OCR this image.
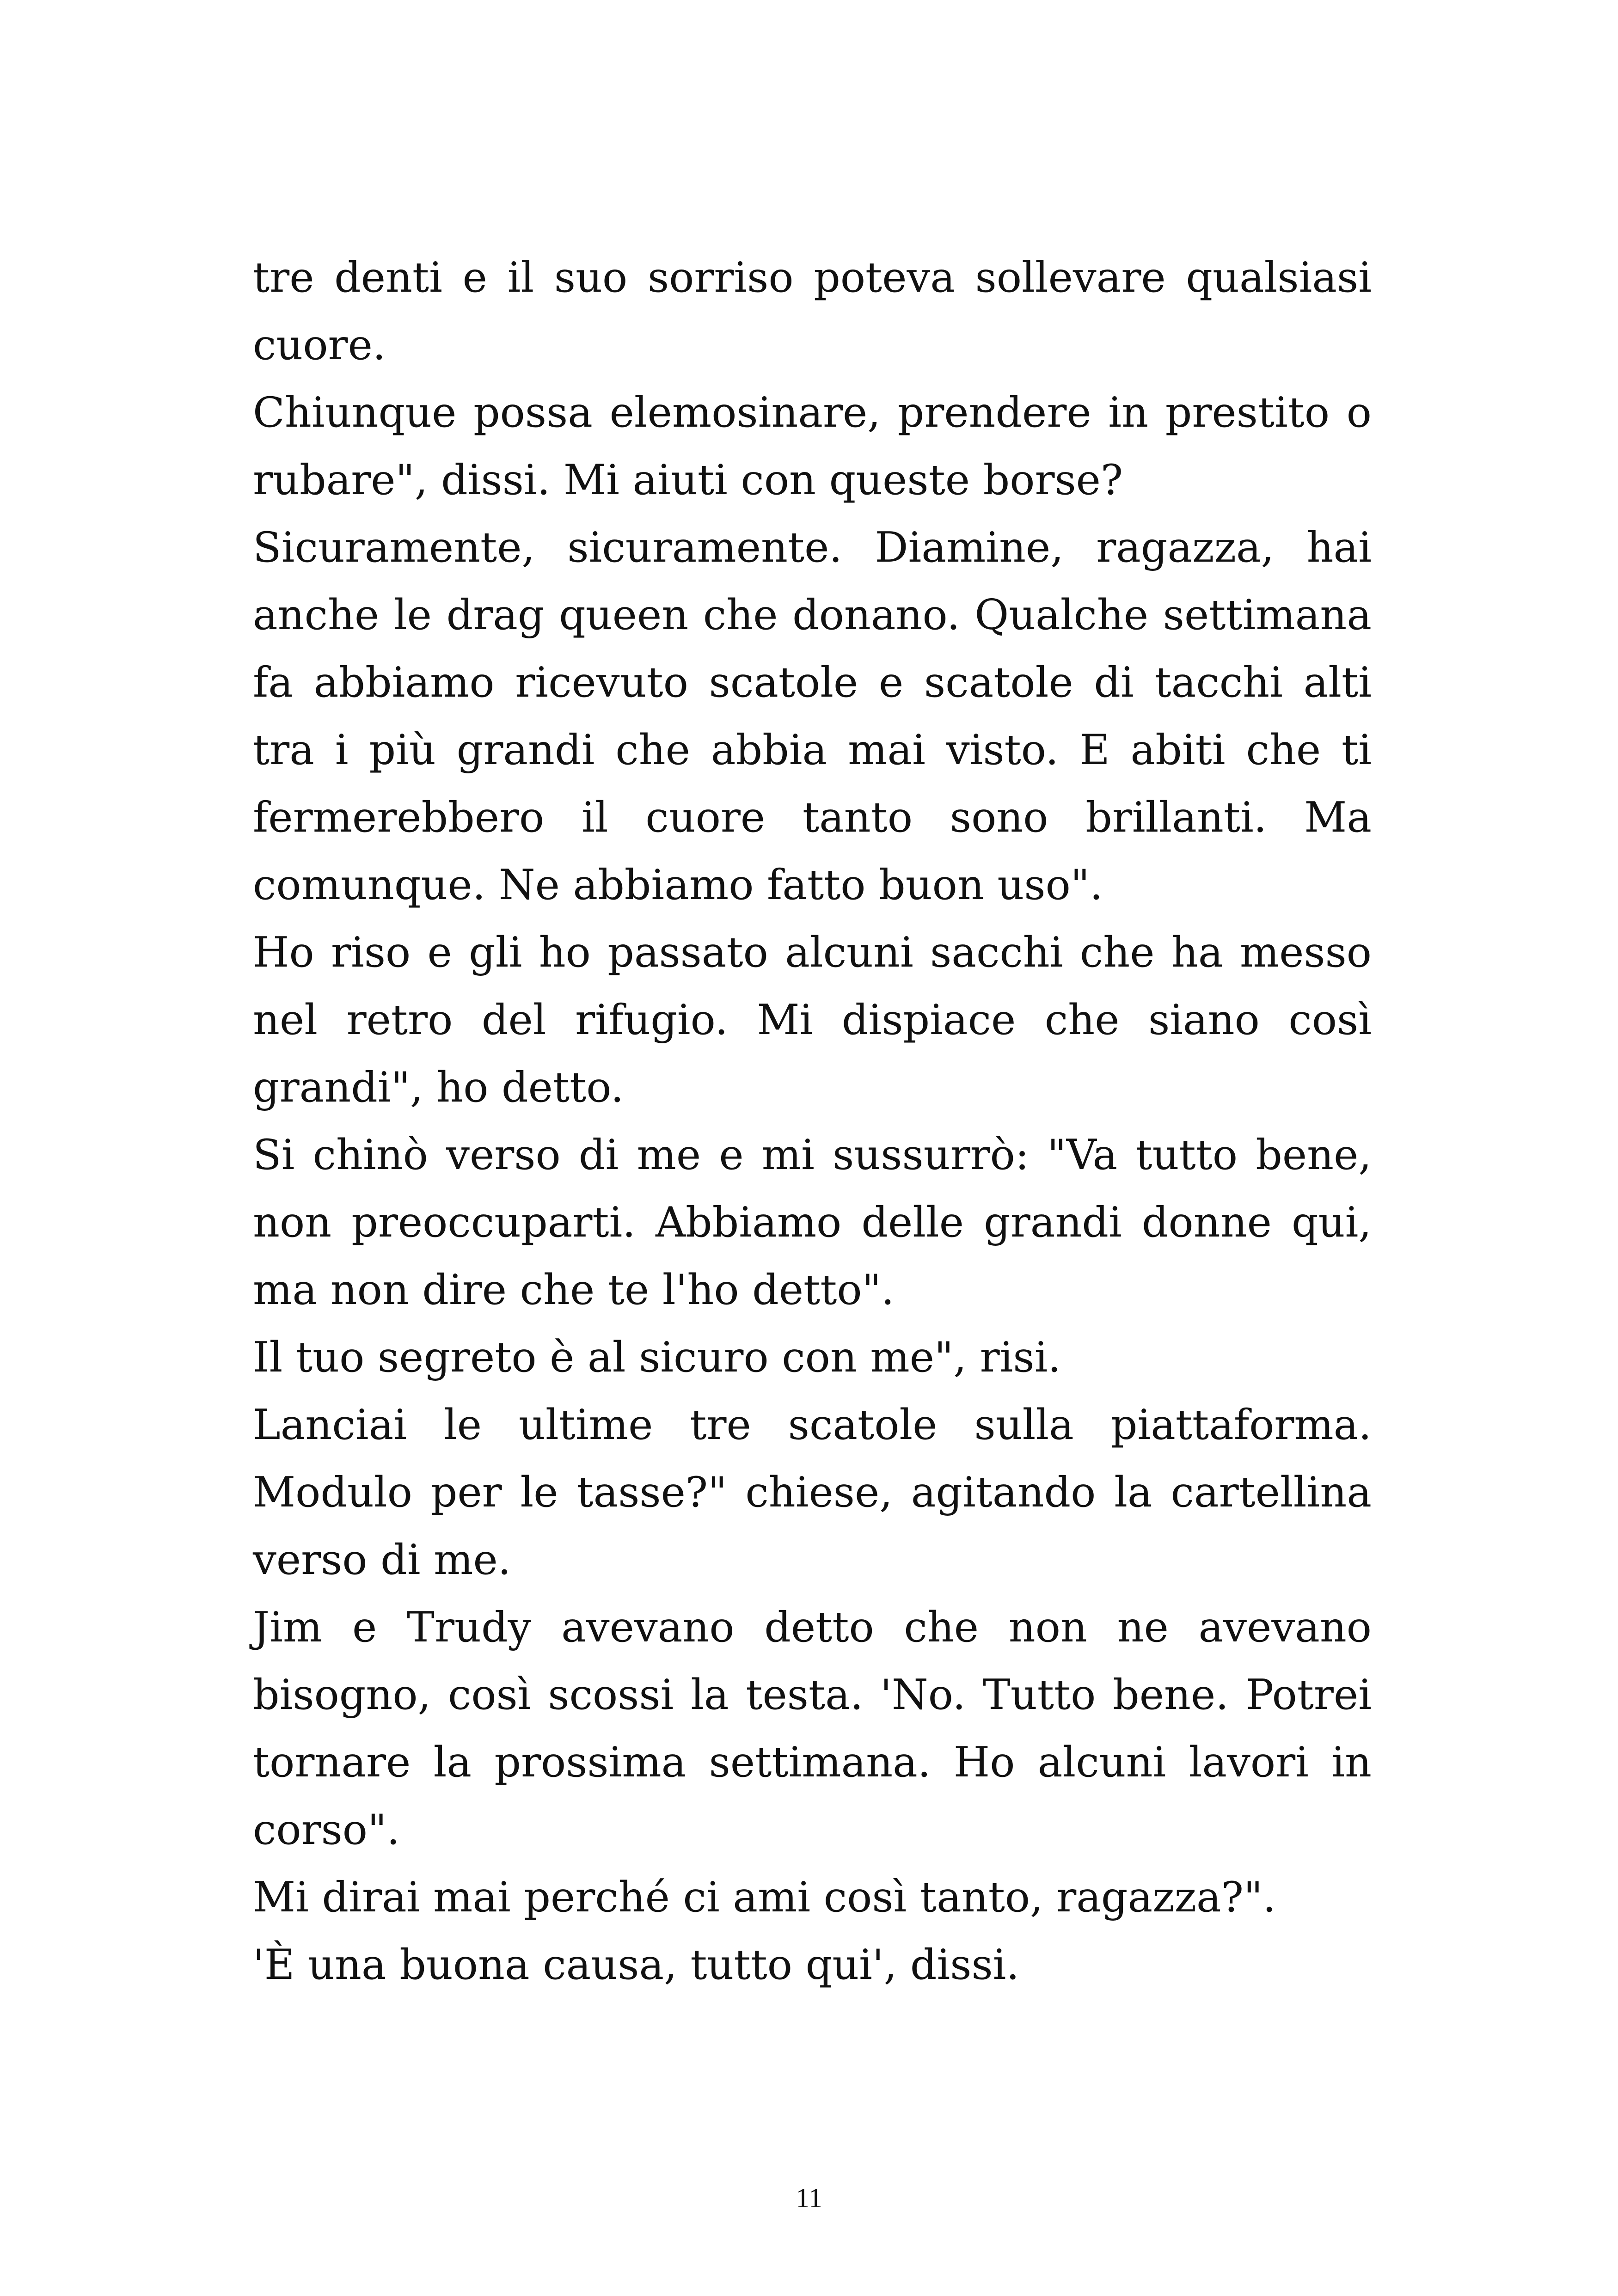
tre denti e il suo sorriso poteva sollevare qualsiasi cuore.

Chiunque possa elemosinare, prendere in prestito o rubare", dissi. Mi aiuti con queste borse?

Sicuramente, sicuramente. Diamine, ragazza, hai anche le drag queen che donano. Qualche settimana fa abbiamo ricevuto scatole e scatole di tacchi alti tra i più grandi che abbia mai visto. E abiti che ti fermerebbero il cuore tanto sono brillanti. Ma comunque. Ne abbiamo fatto buon uso".

Ho riso e gli ho passato alcuni sacchi che ha messo nel retro del rifugio. Mi dispiace che siano così grandi", ho detto.

Si chinò verso di me e mi sussurrò: "Va tutto bene, non preoccuparti. Abbiamo delle grandi donne qui, ma non dire che te l'ho detto".

Il tuo segreto è al sicuro con me", risi.

Lanciai le ultime tre scatole sulla piattaforma. Modulo per le tasse?" chiese, agitando la cartellina verso di me.

Jim e Trudy avevano detto che non ne avevano bisogno, così scossi la testa. 'No. Tutto bene. Potrei tornare la prossima settimana. Ho alcuni lavori in corso".

Mi dirai mai perché ci ami così tanto, ragazza?".

'È una buona causa, tutto qui', dissi.

11
